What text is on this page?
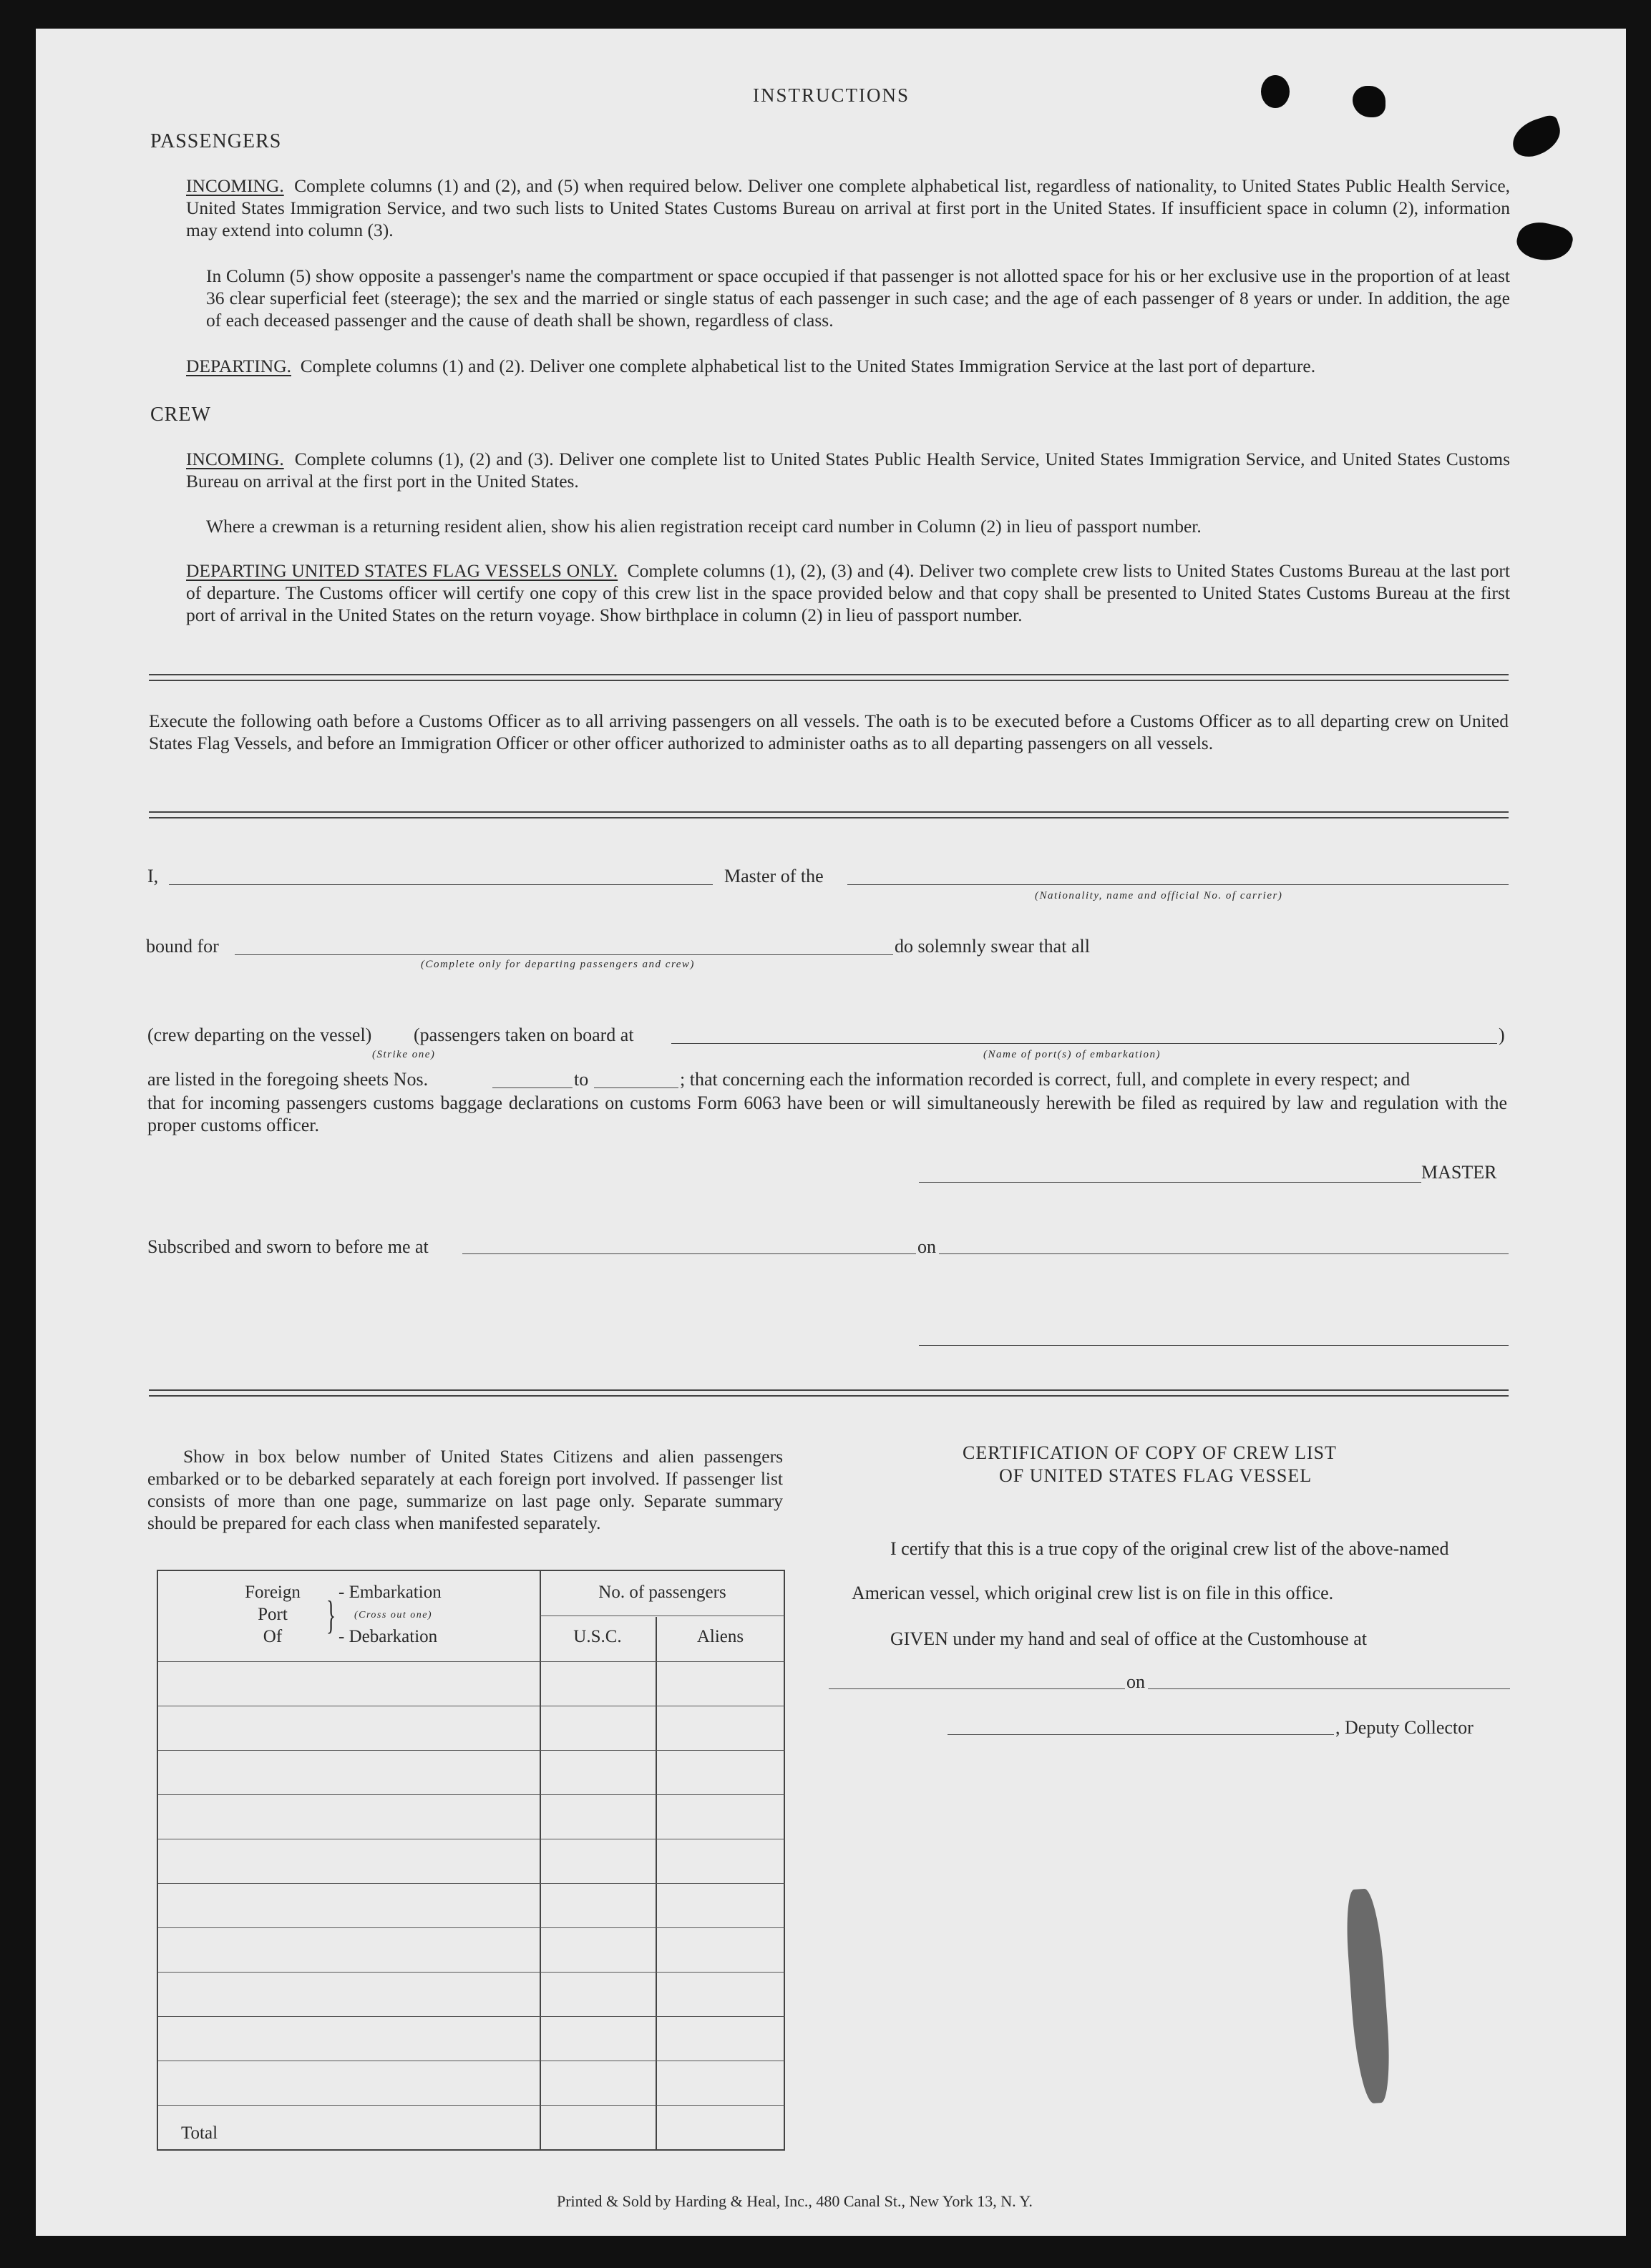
INSTRUCTIONS
PASSENGERS
INCOMING. Complete columns (1) and (2), and (5) when required below. Deliver one complete alphabetical list, regardless of nationality, to United States Public Health Service, United States Immigration Service, and two such lists to United States Customs Bureau on arrival at first port in the United States. If insufficient space in column (2), information may extend into column (3).
In Column (5) show opposite a passenger's name the compartment or space occupied if that passenger is not allotted space for his or her exclusive use in the proportion of at least 36 clear superficial feet (steerage); the sex and the married or single status of each passenger in such case; and the age of each passenger of 8 years or under. In addition, the age of each deceased passenger and the cause of death shall be shown, regardless of class.
DEPARTING. Complete columns (1) and (2). Deliver one complete alphabetical list to the United States Immigration Service at the last port of departure.
CREW
INCOMING. Complete columns (1), (2) and (3). Deliver one complete list to United States Public Health Service, United States Immigration Service, and United States Customs Bureau on arrival at the first port in the United States.
Where a crewman is a returning resident alien, show his alien registration receipt card number in Column (2) in lieu of passport number.
DEPARTING UNITED STATES FLAG VESSELS ONLY. Complete columns (1), (2), (3) and (4). Deliver two complete crew lists to United States Customs Bureau at the last port of departure. The Customs officer will certify one copy of this crew list in the space provided below and that copy shall be presented to United States Customs Bureau at the first port of arrival in the United States on the return voyage. Show birthplace in column (2) in lieu of passport number.
Execute the following oath before a Customs Officer as to all arriving passengers on all vessels. The oath is to be executed before a Customs Officer as to all departing crew on United States Flag Vessels, and before an Immigration Officer or other officer authorized to administer oaths as to all departing passengers on all vessels.
I,	Master of the
(Nationality, name and official No. of carrier)
bound for
(Complete only for departing passengers and crew)
do solemnly swear that all
(crew departing on the vessel) (passengers taken on board at	)
(Strike one)	(Name of port(s) of embarkation)
are listed in the foregoing sheets Nos.	to	; that concerning each the information recorded is correct, full, and complete in every respect; and
that for incoming passengers customs baggage declarations on customs Form 6063 have been or will simultaneously herewith be filed as required by law and regulation with the proper customs officer.
MASTER
Subscribed and sworn to before me at	on
Show in box below number of United States Citizens and alien passengers embarked or to be debarked separately at each foreign port involved. If passenger list consists of more than one page, summarize on last page only. Separate summary should be prepared for each class when manifested separately.
Foreign
Port
Of	}
- Embarkation
(Cross out one)
- Debarkation
No. of passengers
U.S.C.	Aliens
Total
CERTIFICATION OF COPY OF CREW LIST
OF UNITED STATES FLAG VESSEL
I certify that this is a true copy of the original crew list of the above-named
American vessel, which original crew list is on file in this office.
GIVEN under my hand and seal of office at the Customhouse at
on
, Deputy Collector
Printed & Sold by Harding & Heal, Inc., 480 Canal St., New York 13, N. Y.
